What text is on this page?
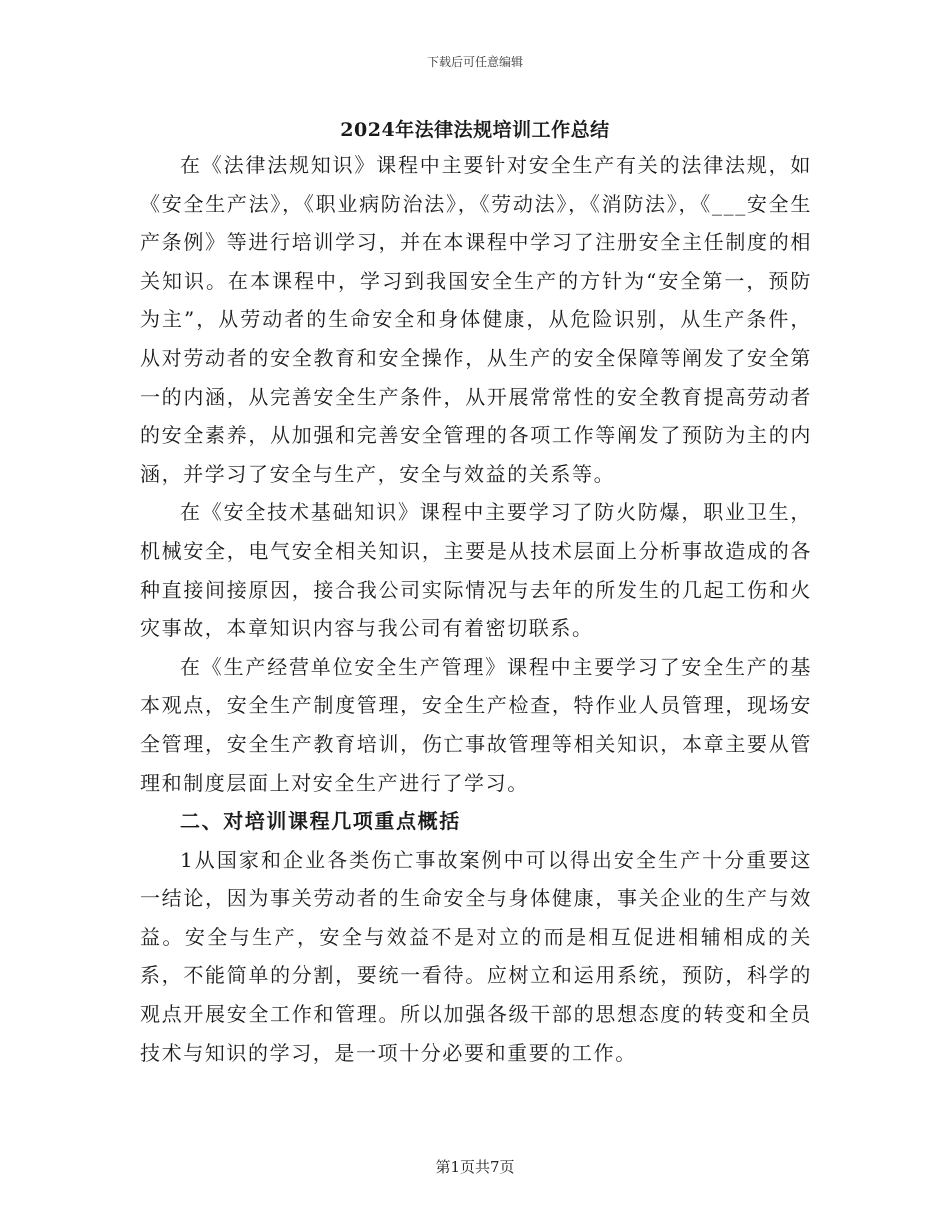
下载后可任意编辑
2024年法律法规培训工作总结

在《法律法规知识》课程中主要针对安全生产有关的法律法规，如《安全生产法》，《职业病防治法》，《劳动法》，《消防法》，《___安全生产条例》等进行培训学习，并在本课程中学习了注册安全主任制度的相关知识。在本课程中，学习到我国安全生产的方针为“安全第一，预防为主”，从劳动者的生命安全和身体健康，从危险识别，从生产条件，从对劳动者的安全教育和安全操作，从生产的安全保障等阐发了安全第一的内涵，从完善安全生产条件，从开展常常性的安全教育提高劳动者的安全素养，从加强和完善安全管理的各项工作等阐发了预防为主的内涵，并学习了安全与生产，安全与效益的关系等。

在《安全技术基础知识》课程中主要学习了防火防爆，职业卫生，机械安全，电气安全相关知识，主要是从技术层面上分析事故造成的各种直接间接原因，接合我公司实际情况与去年的所发生的几起工伤和火灾事故，本章知识内容与我公司有着密切联系。

在《生产经营单位安全生产管理》课程中主要学习了安全生产的基本观点，安全生产制度管理，安全生产检查，特作业人员管理，现场安全管理，安全生产教育培训，伤亡事故管理等相关知识，本章主要从管理和制度层面上对安全生产进行了学习。

二、对培训课程几项重点概括

1从国家和企业各类伤亡事故案例中可以得出安全生产十分重要这一结论，因为事关劳动者的生命安全与身体健康，事关企业的生产与效益。安全与生产，安全与效益不是对立的而是相互促进相辅相成的关系，不能简单的分割，要统一看待。应树立和运用系统，预防，科学的观点开展安全工作和管理。所以加强各级干部的思想态度的转变和全员技术与知识的学习，是一项十分必要和重要的工作。

第1页共7页
